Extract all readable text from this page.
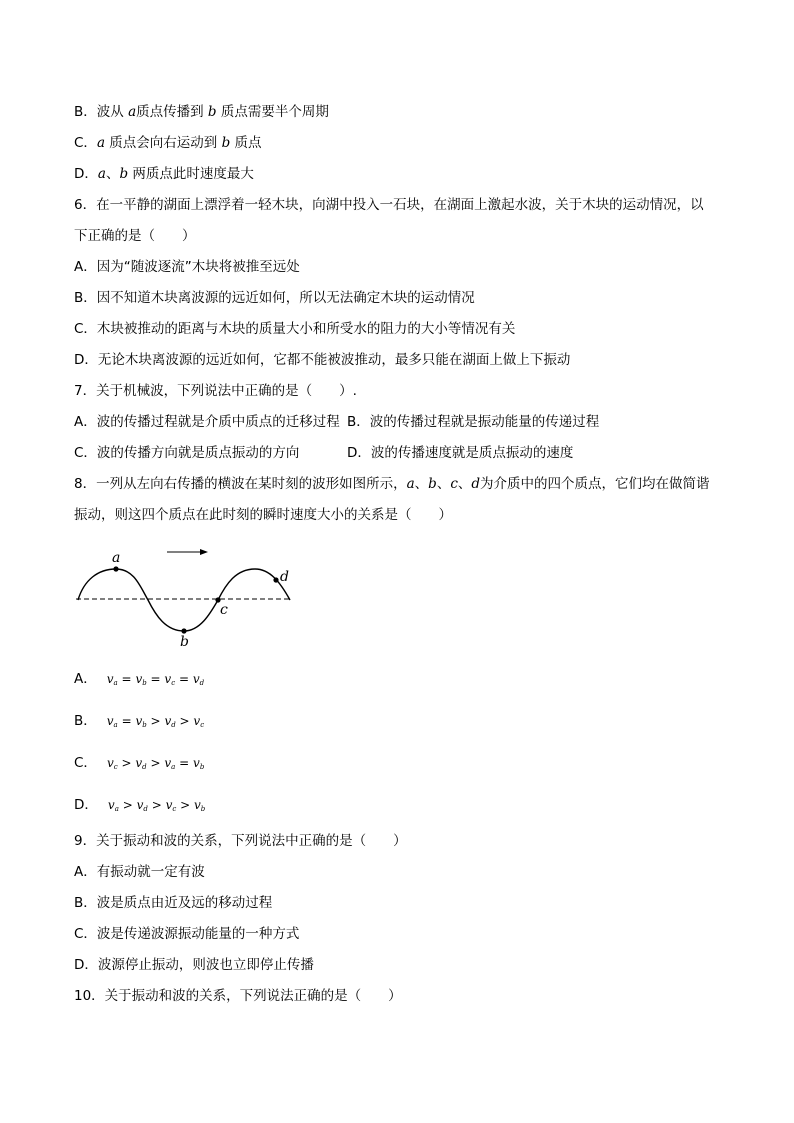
B．波从 a质点传播到 b 质点需要半个周期
C．a 质点会向右运动到 b 质点
D．a、b 两质点此时速度最大
6．在一平静的湖面上漂浮着一轻木块，向湖中投入一石块，在湖面上激起水波，关于木块的运动情况，以
下正确的是（　　）
A．因为“随波逐流”木块将被推至远处
B．因不知道木块离波源的远近如何，所以无法确定木块的运动情况
C．木块被推动的距离与木块的质量大小和所受水的阻力的大小等情况有关
D．无论木块离波源的远近如何，它都不能被波推动，最多只能在湖面上做上下振动
7．关于机械波，下列说法中正确的是（　　）.
A．波的传播过程就是介质中质点的迁移过程 B．波的传播过程就是振动能量的传递过程
C．波的传播方向就是质点振动的方向	D．波的传播速度就是质点振动的速度
8．一列从左向右传播的横波在某时刻的波形如图所示，a、b、c、d为介质中的四个质点，它们均在做简谐
振动，则这四个质点在此时刻的瞬时速度大小的关系是（　　）
a
b
c
d
A． $v_a = v_b = v_c = v_d$
B． $v_a = v_b > v_d > v_c$
C． $v_c > v_d > v_a = v_b$
D． $v_a > v_d > v_c > v_b$
9．关于振动和波的关系，下列说法中正确的是（　　）
A．有振动就一定有波
B．波是质点由近及远的移动过程
C．波是传递波源振动能量的一种方式
D．波源停止振动，则波也立即停止传播
10．关于振动和波的关系，下列说法正确的是（　　）
